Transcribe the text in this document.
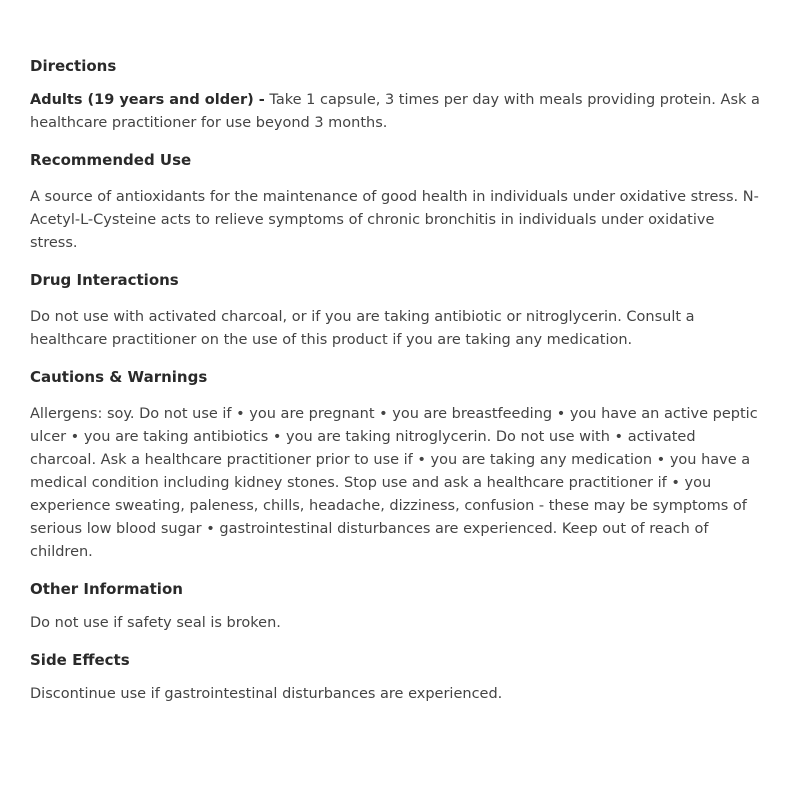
Directions

Adults (19 years and older) - Take 1 capsule, 3 times per day with meals providing protein. Ask a healthcare practitioner for use beyond 3 months.

Recommended Use

A source of antioxidants for the maintenance of good health in individuals under oxidative stress. N-Acetyl-L-Cysteine acts to relieve symptoms of chronic bronchitis in individuals under oxidative stress.

Drug Interactions

Do not use with activated charcoal, or if you are taking antibiotic or nitroglycerin. Consult a healthcare practitioner on the use of this product if you are taking any medication.

Cautions & Warnings

Allergens: soy. Do not use if • you are pregnant • you are breastfeeding • you have an active peptic ulcer • you are taking antibiotics • you are taking nitroglycerin. Do not use with • activated charcoal. Ask a healthcare practitioner prior to use if • you are taking any medication • you have a medical condition including kidney stones. Stop use and ask a healthcare practitioner if • you experience sweating, paleness, chills, headache, dizziness, confusion - these may be symptoms of serious low blood sugar • gastrointestinal disturbances are experienced. Keep out of reach of children.

Other Information

Do not use if safety seal is broken.

Side Effects

Discontinue use if gastrointestinal disturbances are experienced.
